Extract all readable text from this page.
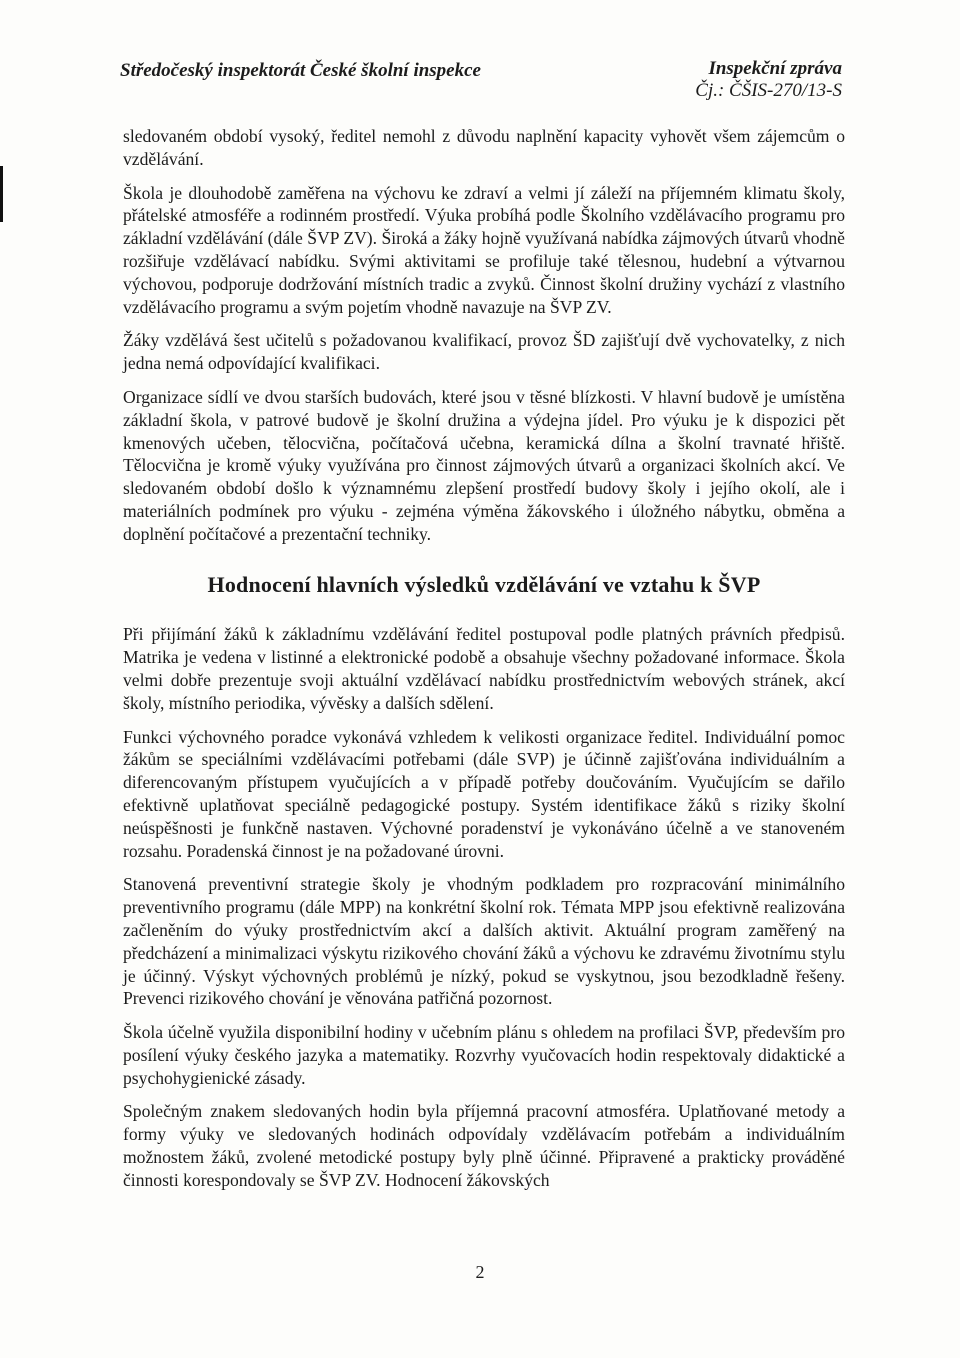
Středočeský inspektorát České školní inspekce	Inspekční zpráva
Čj.: ČŠIS-270/13-S

sledovaném období vysoký, ředitel nemohl z důvodu naplnění kapacity vyhovět všem zájemcům o vzdělávání.

Škola je dlouhodobě zaměřena na výchovu ke zdraví a velmi jí záleží na příjemném klimatu školy, přátelské atmosféře a rodinném prostředí. Výuka probíhá podle Školního vzdělávacího programu pro základní vzdělávání (dále ŠVP ZV). Široká a žáky hojně využívaná nabídka zájmových útvarů vhodně rozšiřuje vzdělávací nabídku. Svými aktivitami se profiluje také tělesnou, hudební a výtvarnou výchovou, podporuje dodržování místních tradic a zvyků. Činnost školní družiny vychází z vlastního vzdělávacího programu a svým pojetím vhodně navazuje na ŠVP ZV.

Žáky vzdělává šest učitelů s požadovanou kvalifikací, provoz ŠD zajišťují dvě vychovatelky, z nich jedna nemá odpovídající kvalifikaci.

Organizace sídlí ve dvou starších budovách, které jsou v těsné blízkosti. V hlavní budově je umístěna základní škola, v patrové budově je školní družina a výdejna jídel. Pro výuku je k dispozici pět kmenových učeben, tělocvična, počítačová učebna, keramická dílna a školní travnaté hřiště. Tělocvična je kromě výuky využívána pro činnost zájmových útvarů a organizaci školních akcí. Ve sledovaném období došlo k významnému zlepšení prostředí budovy školy i jejího okolí, ale i materiálních podmínek pro výuku - zejména výměna žákovského i úložného nábytku, obměna a doplnění počítačové a prezentační techniky.

Hodnocení hlavních výsledků vzdělávání ve vztahu k ŠVP

Při přijímání žáků k základnímu vzdělávání ředitel postupoval podle platných právních předpisů. Matrika je vedena v listinné a elektronické podobě a obsahuje všechny požadované informace. Škola velmi dobře prezentuje svoji aktuální vzdělávací nabídku prostřednictvím webových stránek, akcí školy, místního periodika, vývěsky a dalších sdělení.

Funkci výchovného poradce vykonává vzhledem k velikosti organizace ředitel. Individuální pomoc žákům se speciálními vzdělávacími potřebami (dále SVP) je účinně zajišťována individuálním a diferencovaným přístupem vyučujících a v případě potřeby doučováním. Vyučujícím se dařilo efektivně uplatňovat speciálně pedagogické postupy. Systém identifikace žáků s riziky školní neúspěšnosti je funkčně nastaven. Výchovné poradenství je vykonáváno účelně a ve stanoveném rozsahu. Poradenská činnost je na požadované úrovni.

Stanovená preventivní strategie školy je vhodným podkladem pro rozpracování minimálního preventivního programu (dále MPP) na konkrétní školní rok. Témata MPP jsou efektivně realizována začleněním do výuky prostřednictvím akcí a dalších aktivit. Aktuální program zaměřený na předcházení a minimalizaci výskytu rizikového chování žáků a výchovu ke zdravému životnímu stylu je účinný. Výskyt výchovných problémů je nízký, pokud se vyskytnou, jsou bezodkladně řešeny. Prevenci rizikového chování je věnována patřičná pozornost.

Škola účelně využila disponibilní hodiny v učebním plánu s ohledem na profilaci ŠVP, především pro posílení výuky českého jazyka a matematiky. Rozvrhy vyučovacích hodin respektovaly didaktické a psychohygienické zásady.

Společným znakem sledovaných hodin byla příjemná pracovní atmosféra. Uplatňované metody a formy výuky ve sledovaných hodinách odpovídaly vzdělávacím potřebám a individuálním možnostem žáků, zvolené metodické postupy byly plně účinné. Připravené a prakticky prováděné činnosti korespondovaly se ŠVP ZV. Hodnocení žákovských

2
